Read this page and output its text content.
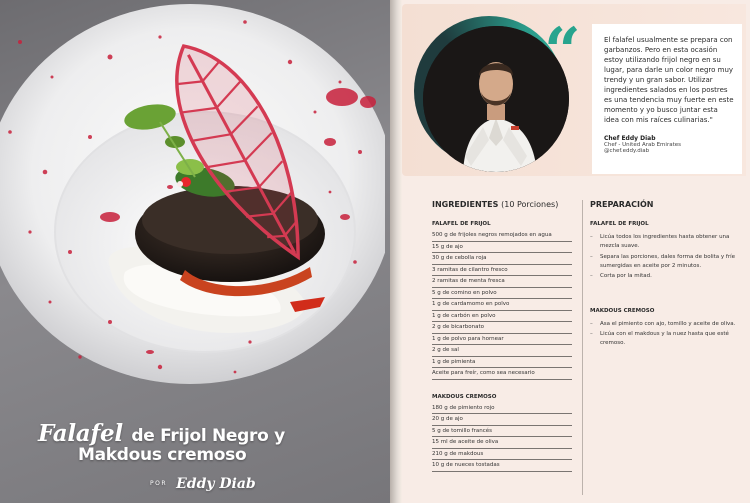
Falafel de Frijol Negro y
Makdous cremoso
POR Eddy Diab
· · ·
“	El falafel usualmente se prepara con garbanzos. Pero en esta ocasión estoy utilizando frijol negro en su lugar, para darle un color negro muy trendy y un gran sabor. Utilizar ingredientes salados en los postres es una tendencia muy fuerte en este momento y yo busco juntar esta idea con mis raíces culinarias."

Chef Eddy Diab
Chef - United Arab Emirates
@chef.eddy.diab
INGREDIENTES (10 Porciones)
FALAFEL DE FRIJOL
500 g de frijoles negros remojados en agua
15 g de ajo
30 g de cebolla roja
3 ramitas de cilantro fresco
2 ramitas de menta fresca
5 g de comino en polvo
1 g de cardamomo en polvo
1 g de carbón en polvo
2 g de bicarbonato
1 g de polvo para hornear
2 g de sal
1 g de pimienta
Aceite para freír, como sea necesario
MAKDOUS CREMOSO
180 g de pimiento rojo
20 g de ajo
5 g de tomillo francés
15 ml de aceite de oliva
210 g de makdous
10 g de nueces tostadas
PREPARACIÓN
FALAFEL DE FRIJOL
– Licúa todos los ingredientes hasta obtener una mezcla suave.
– Separa las porciones, dales forma de bolita y fríe sumergidas en aceite por 2 minutos.
– Corta por la mitad.
MAKDOUS CREMOSO
– Asa el pimiento con ajo, tomillo y aceite de oliva.
– Licúa con el makdous y la nuez hasta que esté cremoso.
